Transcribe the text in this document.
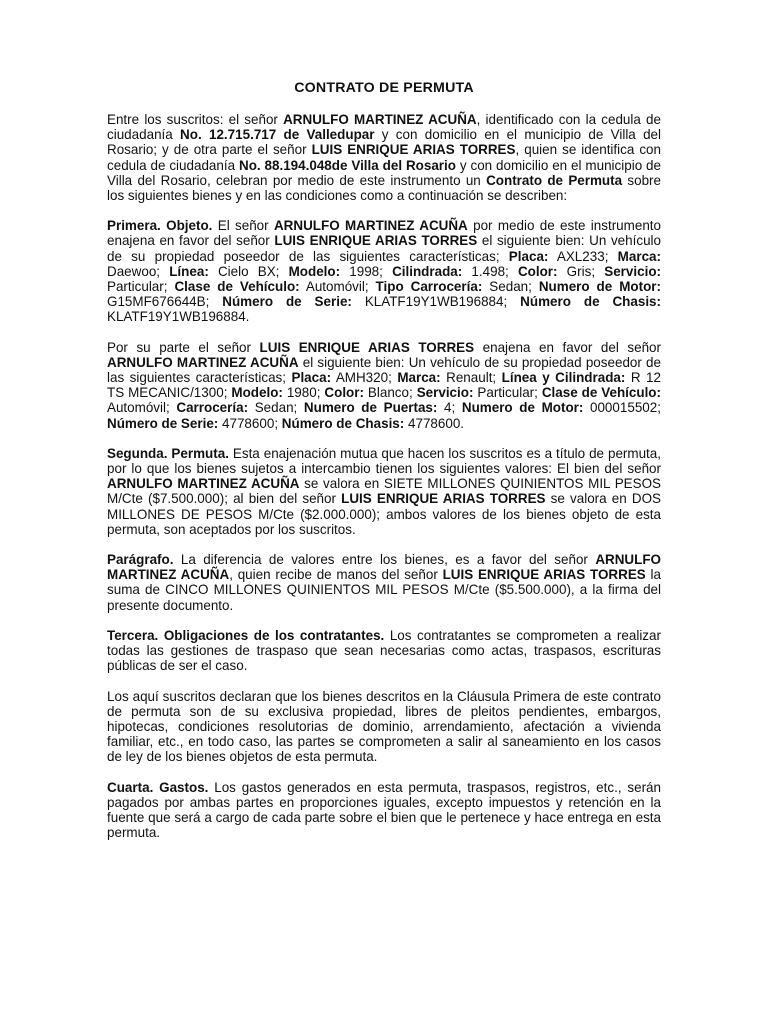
CONTRATO DE PERMUTA

Entre los suscritos: el señor ARNULFO MARTINEZ ACUÑA, identificado con la cedula de ciudadanía No. 12.715.717 de Valledupar y con domicilio en el municipio de Villa del Rosario; y de otra parte el señor LUIS ENRIQUE ARIAS TORRES, quien se identifica con cedula de ciudadanía No. 88.194.048de Villa del Rosario y con domicilio en el municipio de Villa del Rosario, celebran por medio de este instrumento un Contrato de Permuta sobre los siguientes bienes y en las condiciones como a continuación se describen:

Primera. Objeto. El señor ARNULFO MARTINEZ ACUÑA por medio de este instrumento enajena en favor del señor LUIS ENRIQUE ARIAS TORRES el siguiente bien: Un vehículo de su propiedad poseedor de las siguientes características; Placa: AXL233; Marca: Daewoo; Línea: Cielo BX; Modelo: 1998; Cilindrada: 1.498; Color: Gris; Servicio: Particular; Clase de Vehículo: Automóvil; Tipo Carrocería: Sedan; Numero de Motor: G15MF676644B; Número de Serie: KLATF19Y1WB196884; Número de Chasis: KLATF19Y1WB196884.

Por su parte el señor LUIS ENRIQUE ARIAS TORRES enajena en favor del señor ARNULFO MARTINEZ ACUÑA el siguiente bien: Un vehículo de su propiedad poseedor de las siguientes características; Placa: AMH320; Marca: Renault; Línea y Cilindrada: R 12 TS MECANIC/1300; Modelo: 1980; Color: Blanco; Servicio: Particular; Clase de Vehículo: Automóvil; Carrocería: Sedan; Numero de Puertas: 4; Numero de Motor: 000015502; Número de Serie: 4778600; Número de Chasis: 4778600.

Segunda. Permuta. Esta enajenación mutua que hacen los suscritos es a título de permuta, por lo que los bienes sujetos a intercambio tienen los siguientes valores: El bien del señor ARNULFO MARTINEZ ACUÑA se valora en SIETE MILLONES QUINIENTOS MIL PESOS M/Cte ($7.500.000); al bien del señor LUIS ENRIQUE ARIAS TORRES se valora en DOS MILLONES DE PESOS M/Cte ($2.000.000); ambos valores de los bienes objeto de esta permuta, son aceptados por los suscritos.

Parágrafo. La diferencia de valores entre los bienes, es a favor del señor ARNULFO MARTINEZ ACUÑA, quien recibe de manos del señor LUIS ENRIQUE ARIAS TORRES la suma de CINCO MILLONES QUINIENTOS MIL PESOS M/Cte ($5.500.000), a la firma del presente documento.

Tercera. Obligaciones de los contratantes. Los contratantes se comprometen a realizar todas las gestiones de traspaso que sean necesarias como actas, traspasos, escrituras públicas de ser el caso.

Los aquí suscritos declaran que los bienes descritos en la Cláusula Primera de este contrato de permuta son de su exclusiva propiedad, libres de pleitos pendientes, embargos, hipotecas, condiciones resolutorias de dominio, arrendamiento, afectación a vivienda familiar, etc., en todo caso, las partes se comprometen a salir al saneamiento en los casos de ley de los bienes objetos de esta permuta.

Cuarta. Gastos. Los gastos generados en esta permuta, traspasos, registros, etc., serán pagados por ambas partes en proporciones iguales, excepto impuestos y retención en la fuente que será a cargo de cada parte sobre el bien que le pertenece y hace entrega en esta permuta.
